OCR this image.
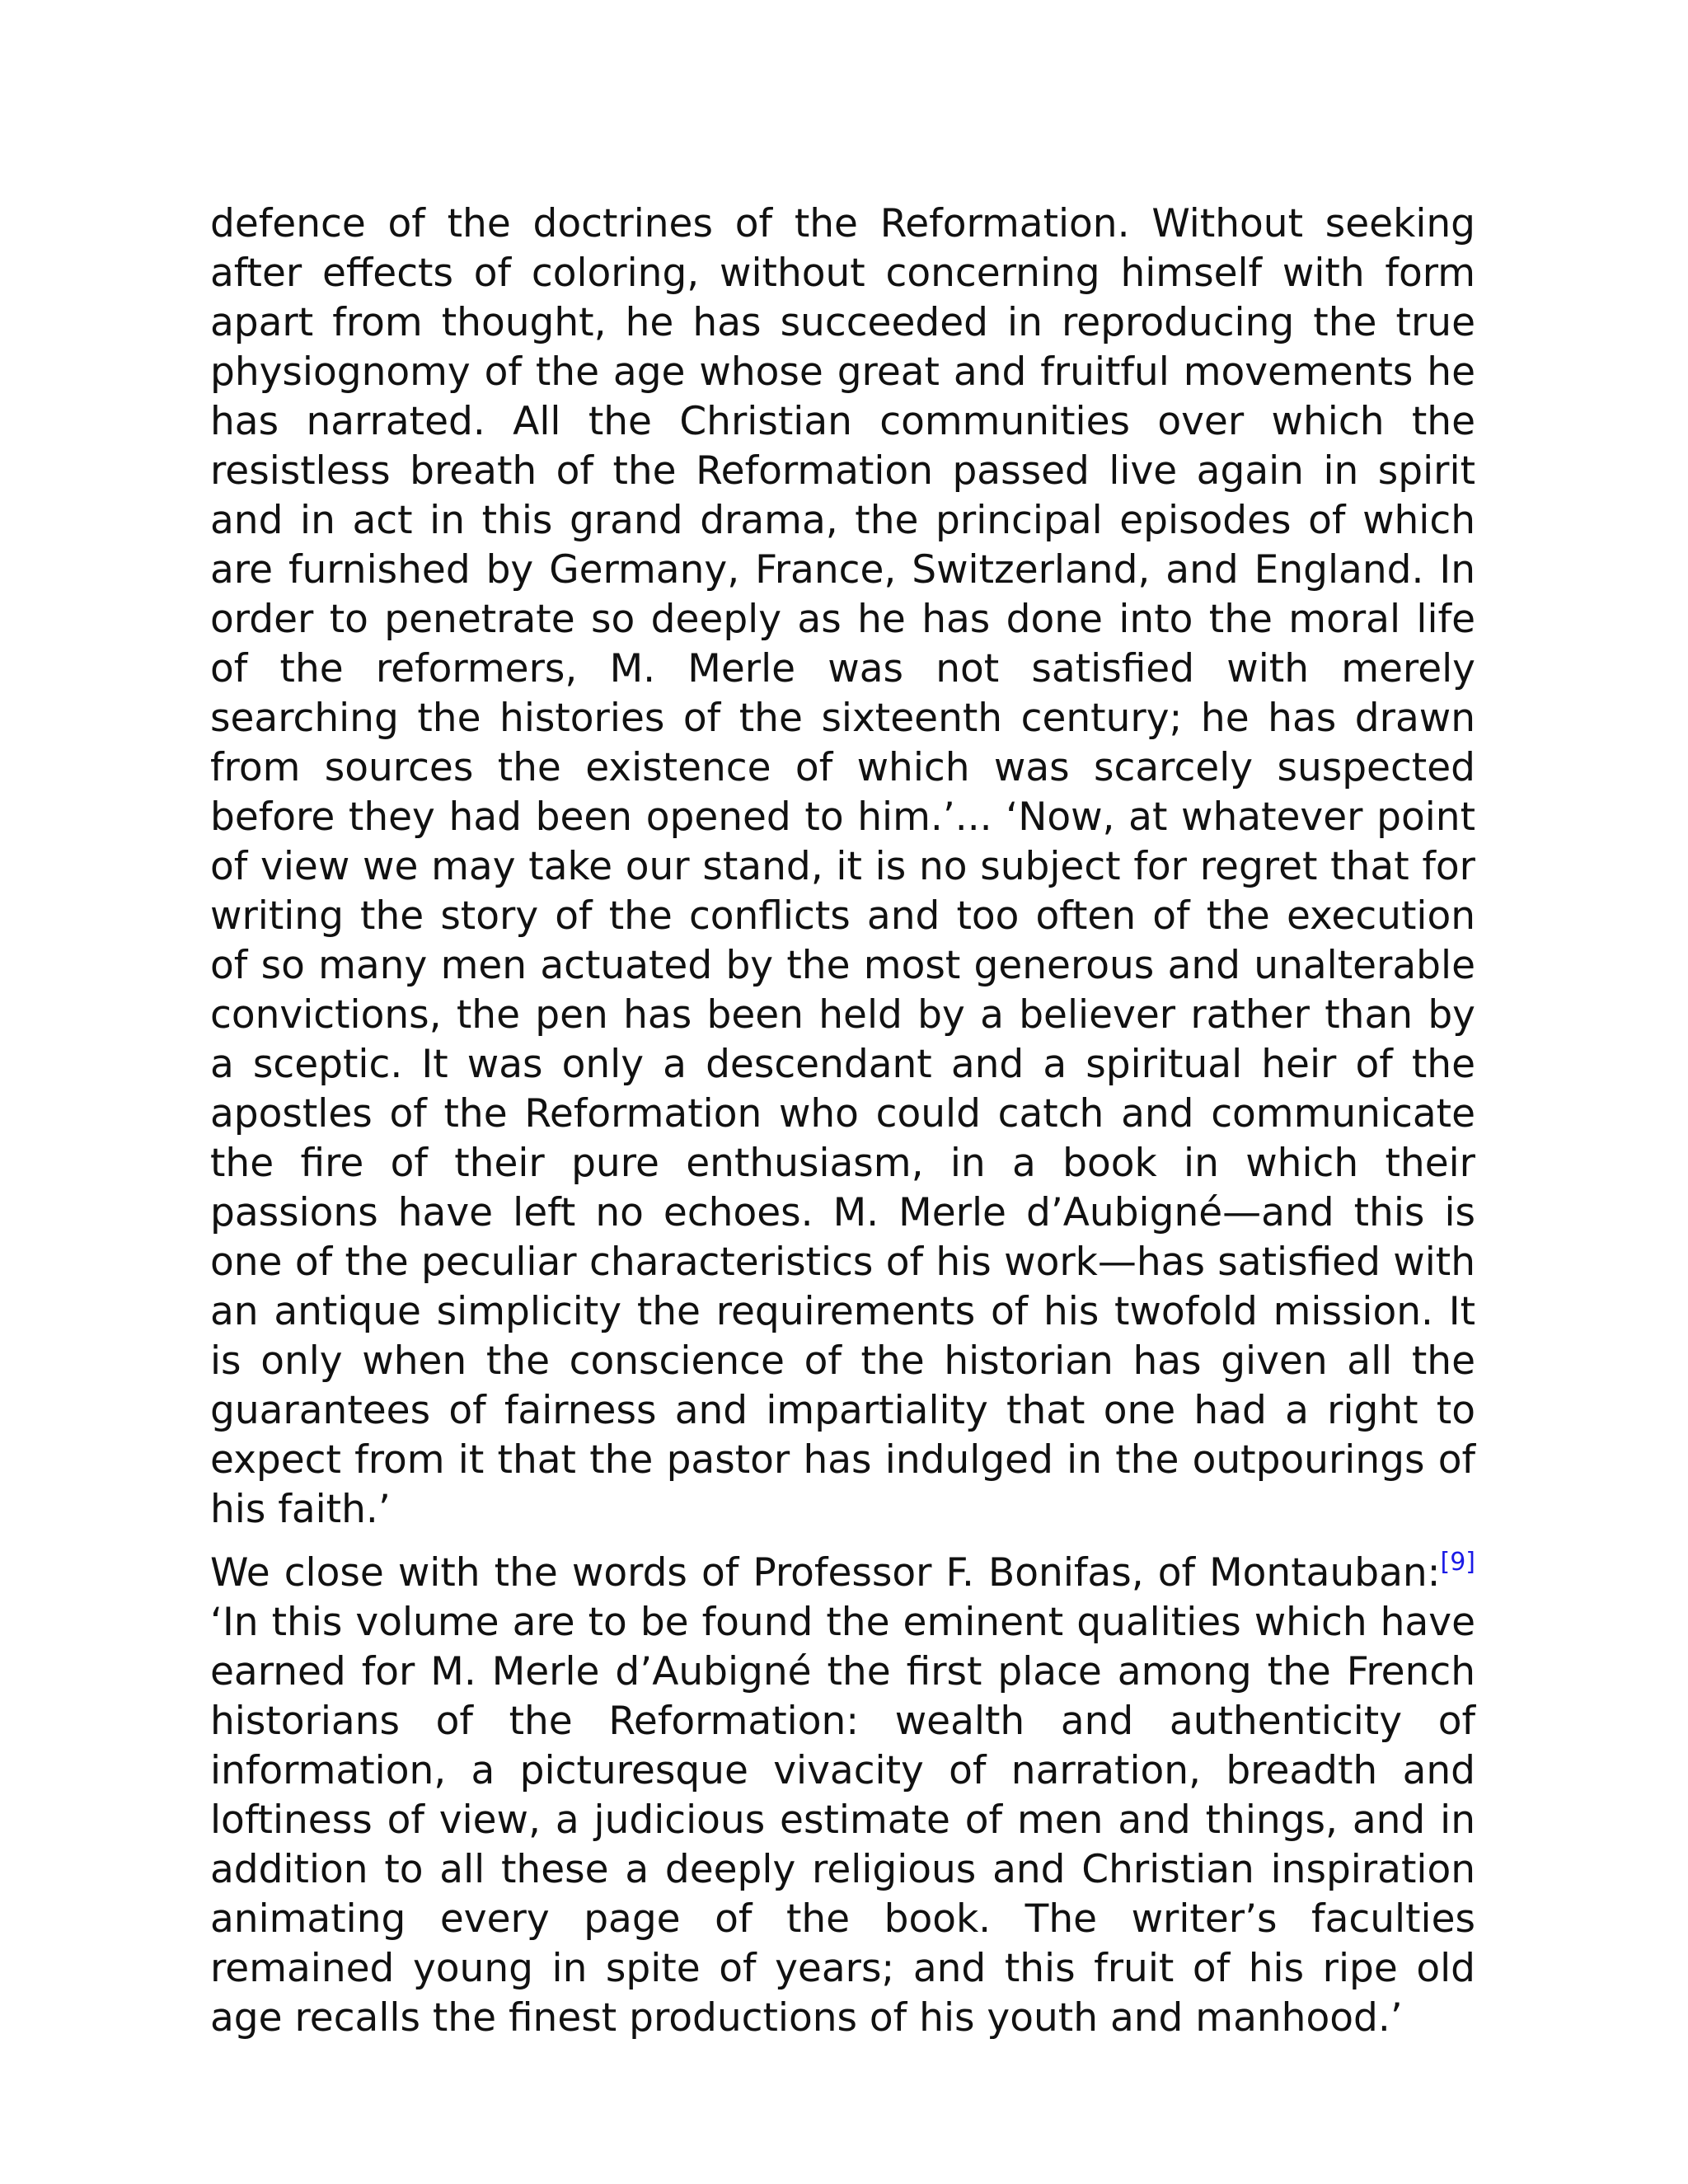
defence of the doctrines of the Reformation. Without seeking after effects of coloring, without concerning himself with form apart from thought, he has succeeded in reproducing the true physiognomy of the age whose great and fruitful movements he has narrated. All the Christian communities over which the resistless breath of the Reformation passed live again in spirit and in act in this grand drama, the principal episodes of which are furnished by Germany, France, Switzerland, and England. In order to penetrate so deeply as he has done into the moral life of the reformers, M. Merle was not satisfied with merely searching the histories of the sixteenth century; he has drawn from sources the existence of which was scarcely suspected before they had been opened to him.’... ‘Now, at whatever point of view we may take our stand, it is no subject for regret that for writing the story of the conflicts and too often of the execution of so many men actuated by the most generous and unalterable convictions, the pen has been held by a believer rather than by a sceptic. It was only a descendant and a spiritual heir of the apostles of the Reformation who could catch and communicate the fire of their pure enthusiasm, in a book in which their passions have left no echoes. M. Merle d’Aubigné—and this is one of the peculiar characteristics of his work—has satisfied with an antique simplicity the requirements of his twofold mission. It is only when the conscience of the historian has given all the guarantees of fairness and impartiality that one had a right to expect from it that the pastor has indulged in the outpourings of his faith.’

We close with the words of Professor F. Bonifas, of Montauban:[9] ‘In this volume are to be found the eminent qualities which have earned for M. Merle d’Aubigné the first place among the French historians of the Reformation: wealth and authenticity of information, a picturesque vivacity of narration, breadth and loftiness of view, a judicious estimate of men and things, and in addition to all these a deeply religious and Christian inspiration animating every page of the book. The writer’s faculties remained young in spite of years; and this fruit of his ripe old age recalls the finest productions of his youth and manhood.’
